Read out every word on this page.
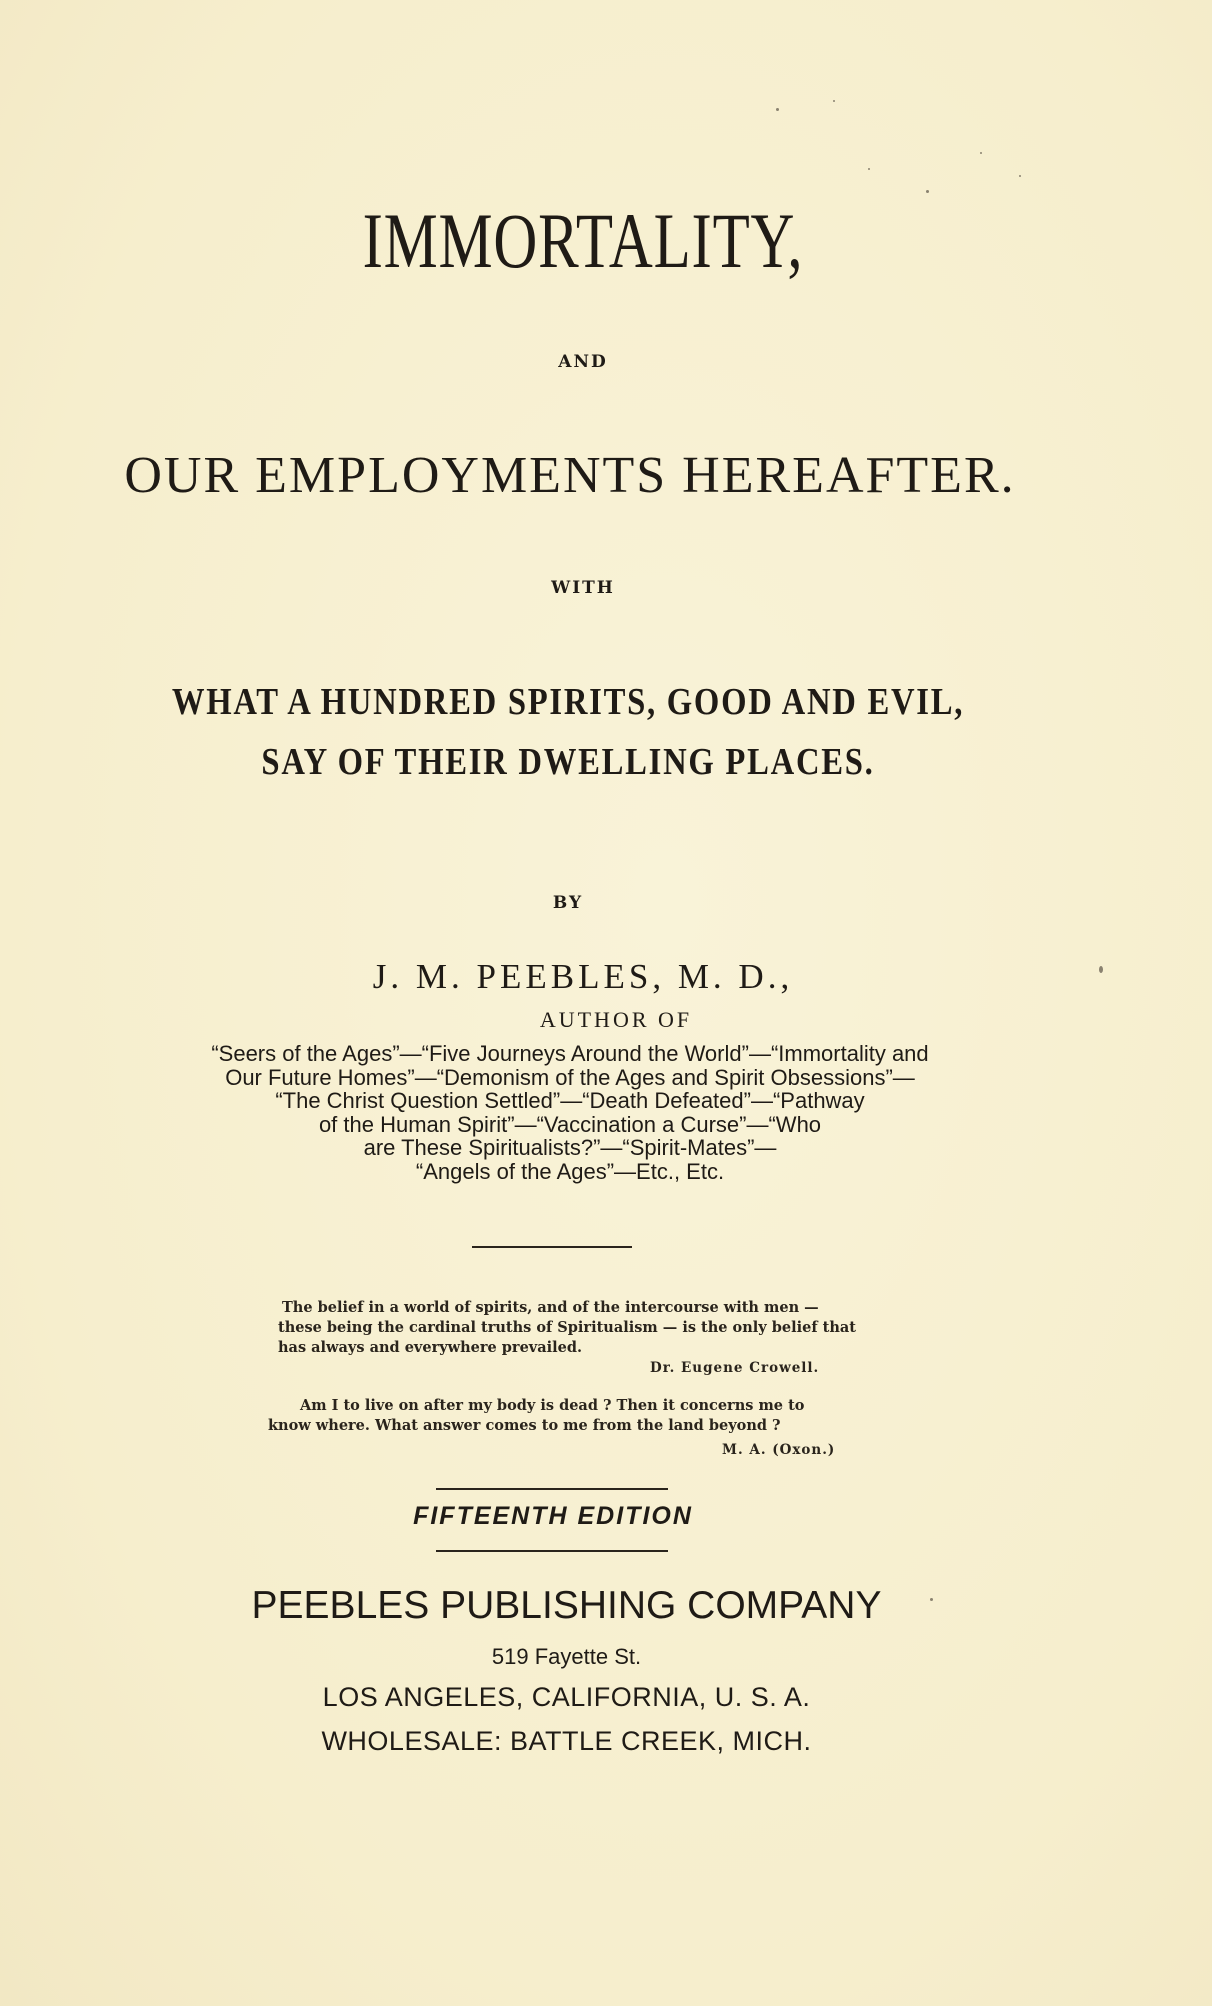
IMMORTALITY,
AND
OUR EMPLOYMENTS HEREAFTER.
WITH
WHAT A HUNDRED SPIRITS, GOOD AND EVIL,
SAY OF THEIR DWELLING PLACES.
BY
J. M. PEEBLES, M. D.,
AUTHOR OF
“Seers of the Ages”—“Five Journeys Around the World”—“Immortality and
Our Future Homes”—“Demonism of the Ages and Spirit Obsessions”—
“The Christ Question Settled”—“Death Defeated”—“Pathway
of the Human Spirit”—“Vaccination a Curse”—“Who
are These Spiritualists?”—“Spirit-Mates”—
“Angels of the Ages”—Etc., Etc.
The belief in a world of spirits, and of the intercourse with men —
these being the cardinal truths of Spiritualism — is the only belief that
has always and everywhere prevailed.
Dr. Eugene Crowell.
Am I to live on after my body is dead ? Then it concerns me to
know where. What answer comes to me from the land beyond ?
M. A. (Oxon.)
FIFTEENTH EDITION
PEEBLES PUBLISHING COMPANY
519 Fayette St.
LOS ANGELES, CALIFORNIA, U. S. A.
WHOLESALE: BATTLE CREEK, MICH.
